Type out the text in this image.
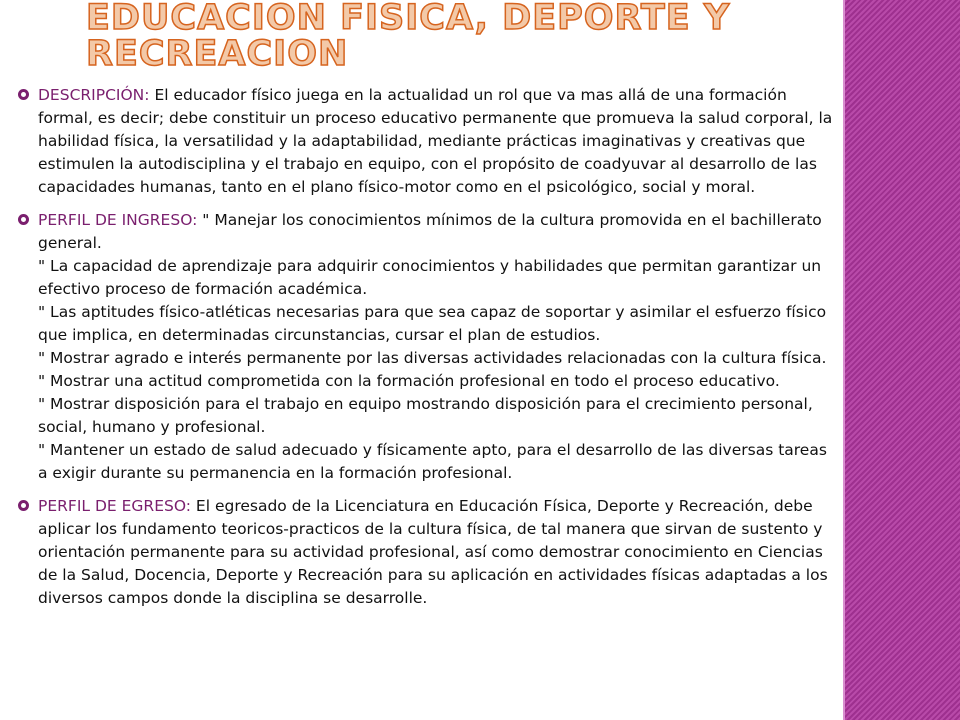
EDUCACION FISICA, DEPORTE Y RECREACION
DESCRIPCIÓN: El educador físico juega en la actualidad un rol que va mas allá de una formación formal, es decir; debe constituir un proceso educativo permanente que promueva la salud corporal, la habilidad física, la versatilidad y la adaptabilidad, mediante prácticas imaginativas y creativas que estimulen la autodisciplina y el trabajo en equipo, con el propósito de coadyuvar al desarrollo de las capacidades humanas, tanto en el plano físico-motor como en el psicológico, social y moral.
PERFIL DE INGRESO: " Manejar los conocimientos mínimos de la cultura promovida en el bachillerato general.
" La capacidad de aprendizaje para adquirir conocimientos y habilidades que permitan garantizar un efectivo proceso de formación académica.
" Las aptitudes físico-atléticas necesarias para que sea capaz de soportar y asimilar el esfuerzo físico que implica, en determinadas circunstancias, cursar el plan de estudios.
" Mostrar agrado e interés permanente por las diversas actividades relacionadas con la cultura física.
" Mostrar una actitud comprometida con la formación profesional en todo el proceso educativo.
" Mostrar disposición para el trabajo en equipo mostrando disposición para el crecimiento personal, social, humano y profesional.
" Mantener un estado de salud adecuado y físicamente apto, para el desarrollo de las diversas tareas a exigir durante su permanencia en la formación profesional.
PERFIL DE EGRESO: El egresado de la Licenciatura en Educación Física, Deporte y Recreación, debe aplicar los fundamento teoricos-practicos de la cultura física, de tal manera que sirvan de sustento y orientación permanente para su actividad profesional, así como demostrar conocimiento en Ciencias de la Salud, Docencia, Deporte y Recreación para su aplicación en actividades físicas adaptadas a los diversos campos donde la disciplina se desarrolle.
